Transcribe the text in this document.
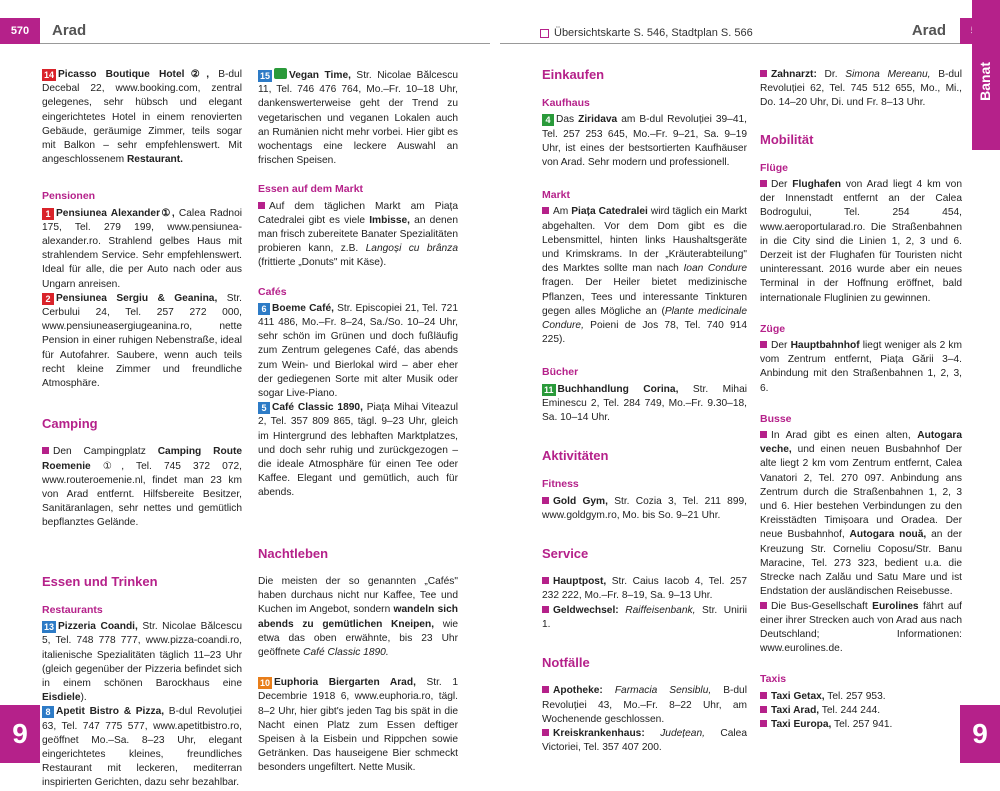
570	Arad
9

14 Picasso Boutique Hotel②, B-dul Decebal 22, www.booking.com, zentral gelegenes, sehr hübsch und elegant eingerichtetes Hotel in einem renovierten Gebäude, geräumige Zimmer, teils sogar mit Balkon – sehr empfehlenswert. Mit angeschlossenem Restaurant.

Pensionen

1 Pensiunea Alexander①, Calea Radnoi 175, Tel. 279 199, www.pensiuneaalexander.ro. Strahlend gelbes Haus mit strahlendem Service. Sehr empfehlenswert. Ideal für alle, die per Auto nach oder aus Ungarn anreisen.

2 Pensiunea Sergiu & Geanina, Str. Cerbului 24, Tel. 257 272 000, www.pensiuneasergiugeanina.ro, nette Pension in einer ruhigen Nebenstraße, ideal für Autofahrer. Saubere, wenn auch teils recht kleine Zimmer und freundliche Atmosphäre.

Camping

Den Campingplatz Camping Route Roemenie ①, Tel. 745 372 072, www.routeroemenie.nl, findet man 23 km von Arad entfernt. Hilfsbereite Besitzer, Sanitäranlagen, sehr nettes und gemütlich bepflanztes Gelände.

Essen und Trinken
Restaurants

13 Pizzeria Coandi, Str. Nicolae Bălcescu 5, Tel. 748 778 777, www.pizza-coandi.ro, italienische Spezialitäten täglich 11–23 Uhr (gleich gegenüber der Pizzeria befindet sich in einem schönen Barockhaus eine Eisdiele).

8 Apetit Bistro & Pizza, B-dul Revoluției 63, Tel. 747 775 577, www.apetitbistro.ro, geöffnet Mo.–Sa. 8–23 Uhr, elegant eingerichtetes kleines, freundliches Restaurant mit leckeren, mediterran inspirierten Gerichten, dazu sehr bezahlbar.

15 Vegan Time, Str. Nicolae Bălcescu 11, Tel. 746 476 764, Mo.–Fr. 10–18 Uhr, dankenswerterweise geht der Trend zu vegetarischen und veganen Lokalen auch an Rumänien nicht mehr vorbei. Hier gibt es wochentags eine leckere Auswahl an frischen Speisen.

Essen auf dem Markt

Auf dem täglichen Markt am Piața Catedralei gibt es viele Imbisse, an denen man frisch zubereitete Banater Spezialitäten probieren kann, z.B. Langoși cu brânza (frittierte „Donuts" mit Käse).

Cafés

6 Boeme Café, Str. Episcopiei 21, Tel. 721 411 486, Mo.–Fr. 8–24, Sa./So. 10–24 Uhr, sehr schön im Grünen und doch fußläufig zum Zentrum gelegenes Café, das abends zum Wein- und Bierlokal wird – aber eher der gediegenen Sorte mit alter Musik oder sogar Live-Piano.

5 Café Classic 1890, Piața Mihai Viteazul 2, Tel. 357 809 865, tägl. 9–23 Uhr, gleich im Hintergrund des lebhaften Marktplatzes, und doch sehr ruhig und zurückgezogen – die ideale Atmosphäre für einen Tee oder Kaffee. Elegant und gemütlich, auch für abends.

Nachtleben

Die meisten der so genannten „Cafés" haben durchaus nicht nur Kaffee, Tee und Kuchen im Angebot, sondern wandeln sich abends zu gemütlichen Kneipen, wie etwa das oben erwähnte, bis 23 Uhr geöffnete Café Classic 1890.

10 Euphoria Biergarten Arad, Str. 1 Decembrie 1918 6, www.euphoria.ro, tägl. 8–2 Uhr, hier gibt's jeden Tag bis spät in die Nacht einen Platz zum Essen deftiger Speisen à la Eisbein und Rippchen sowie Getränken. Das hauseigene Bier schmeckt besonders ungefiltert. Nette Musik.

Übersichtskarte S. 546, Stadtplan S. 566	Arad
Banat
9
Einkaufen
Kaufhaus

4 Das Ziridava am B-dul Revoluției 39–41, Tel. 257 253 645, Mo.–Fr. 9–21, Sa. 9–19 Uhr, ist eines der bestsortierten Kaufhäuser von Arad. Sehr modern und professionell.

Markt

Am Piața Catedralei wird täglich ein Markt abgehalten. Vor dem Dom gibt es die Lebensmittel, hinten links Haushaltsgeräte und Krimskrams. In der „Kräuterabteilung" des Marktes sollte man nach Ioan Condure fragen. Der Heiler bietet medizinische Pflanzen, Tees und interessante Tinkturen gegen alles Mögliche an (Plante medicinale Condure, Poieni de Jos 78, Tel. 740 914 225).

Bücher

11 Buchhandlung Corina, Str. Mihai Eminescu 2, Tel. 284 749, Mo.–Fr. 9.30–18, Sa. 10–14 Uhr.

Aktivitäten
Fitness

Gold Gym, Str. Cozia 3, Tel. 211 899, www.goldgym.ro, Mo. bis So. 9–21 Uhr.

Service

Hauptpost, Str. Caius Iacob 4, Tel. 257 232 222, Mo.–Fr. 8–19, Sa. 9–13 Uhr.

Geldwechsel: Raiffeisenbank, Str. Unirii 1.

Notfälle

Apotheke: Farmacia Sensiblu, B-dul Revoluției 43, Mo.–Fr. 8–22 Uhr, am Wochenende geschlossen.

Kreiskrankenhaus: Județean, Calea Victoriei, Tel. 357 407 200.

Zahnarzt: Dr. Simona Mereanu, B-dul Revoluției 62, Tel. 745 512 655, Mo., Mi., Do. 14–20 Uhr, Di. und Fr. 8–13 Uhr.

Mobilität
Flüge

Der Flughafen von Arad liegt 4 km von der Innenstadt entfernt an der Calea Bodrogului, Tel. 254 454, www.aeroportularad.ro. Die Straßenbahnen in die City sind die Linien 1, 2, 3 und 6. Derzeit ist der Flughafen für Touristen nicht uninteressant. 2016 wurde aber ein neues Terminal in der Hoffnung eröffnet, bald internationale Fluglinien zu gewinnen.

Züge

Der Hauptbahnhof liegt weniger als 2 km vom Zentrum entfernt, Piața Gării 3–4. Anbindung mit den Straßenbahnen 1, 2, 3, 6.

Busse

In Arad gibt es einen alten, Autogara veche, und einen neuen Busbahnhof Der alte liegt 2 km vom Zentrum entfernt, Calea Vanatori 2, Tel. 270 097. Anbindung ans Zentrum durch die Straßenbahnen 1, 2, 3 und 6. Hier bestehen Verbindungen zu den Kreisstädten Timișoara und Oradea. Der neue Busbahnhof, Autogara nouă, an der Kreuzung Str. Corneliu Coposu/Str. Banu Maracine, Tel. 273 323, bedient u.a. die Strecke nach Zalău und Satu Mare und ist Endstation der ausländischen Reisebusse.

Die Bus-Gesellschaft Eurolines fährt auf einer ihrer Strecken auch von Arad aus nach Deutschland; Informationen: www.eurolines.de.

Taxis

Taxi Getax, Tel. 257 953.

Taxi Arad, Tel. 244 244.

Taxi Europa, Tel. 257 941.
